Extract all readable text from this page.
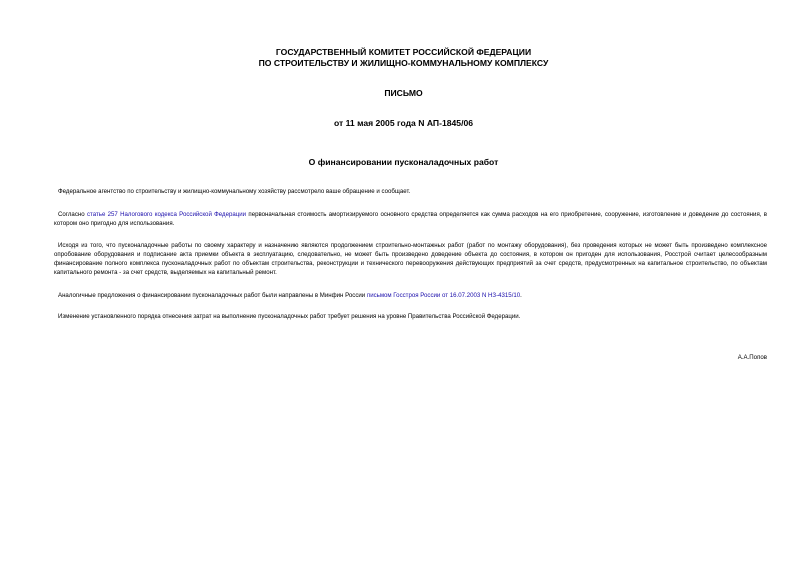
ГОСУДАРСТВЕННЫЙ КОМИТЕТ РОССИЙСКОЙ ФЕДЕРАЦИИ
ПО СТРОИТЕЛЬСТВУ И ЖИЛИЩНО-КОММУНАЛЬНОМУ КОМПЛЕКСУ
ПИСЬМО
от 11 мая 2005 года N АП-1845/06
О финансировании пусконаладочных работ
Федеральное агентство по строительству и жилищно-коммунальному хозяйству рассмотрело ваше обращение и сообщает.
Согласно статье 257 Налогового кодекса Российской Федерации первоначальная стоимость амортизируемого основного средства определяется как сумма расходов на его приобретение, сооружение, изготовление и доведение до состояния, в котором оно пригодно для использования.
Исходя из того, что пусконаладочные работы по своему характеру и назначению являются продолжением строительно-монтажных работ (работ по монтажу оборудования), без проведения которых не может быть произведено комплексное опробование оборудования и подписание акта приемки объекта в эксплуатацию, следовательно, не может быть произведено доведение объекта до состояния, в котором он пригоден для использования, Росстрой считает целесообразным финансирование полного комплекса пусконаладочных работ по объектам строительства, реконструкции и технического перевооружения действующих предприятий за счет средств, предусмотренных на капитальное строительство, по объектам капитального ремонта - за счет средств, выделяемых на капитальный ремонт.
Аналогичные предложения о финансировании пусконаладочных работ были направлены в Минфин России письмом Госстроя России от 16.07.2003 N НЗ-4315/10.
Изменение установленного порядка отнесения затрат на выполнение пусконаладочных работ требует решения на уровне Правительства Российской Федерации.
А.А.Попов
